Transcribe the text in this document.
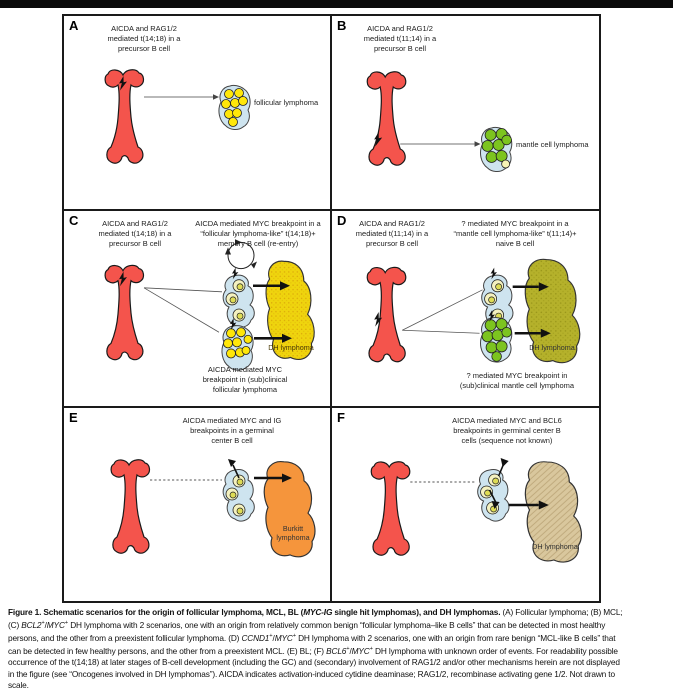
A	AICDA and RAG1/2
mediated t(14;18) in a
precursor B cell
follicular lymphoma
B	AICDA and RAG1/2
mediated t(11;14) in a
precursor B cell
mantle cell lymphoma
C	AICDA and RAG1/2
mediated t(14;18) in a
precursor B cell
AICDA mediated MYC breakpoint in a
“follicular lymphoma-like” t(14;18)+
memory B cell (re-entry)
AICDA mediated MYC
breakpoint in (sub)clinical
follicular lymphoma
DH lymphoma
D	AICDA and RAG1/2
mediated t(11;14) in a
precursor B cell
? mediated MYC breakpoint in a
“mantle cell lymphoma-like” t(11;14)+
naive B cell
? mediated MYC breakpoint in
(sub)clinical mantle cell lymphoma
DH lymphoma
E	AICDA mediated MYC and IG
breakpoints in a germinal
center B cell
Burkitt
lymphoma
F	AICDA mediated MYC and BCL6
breakpoints in germinal center B
cells (sequence not known)
DH lymphoma
Figure 1. Schematic scenarios for the origin of follicular lymphoma, MCL, BL (MYC-IG single hit lymphomas), and DH lymphomas. (A) Follicular lymphoma; (B) MCL;
(C) BCL2+/MYC+ DH lymphoma with 2 scenarios, one with an origin from relatively common benign “follicular lymphoma–like B cells” that can be detected in most healthy
persons, and the other from a preexistent follicular lymphoma. (D) CCND1+/MYC+ DH lymphoma with 2 scenarios, one with an origin from rare benign “MCL-like B cells” that
can be detected in few healthy persons, and the other from a preexistent MCL. (E) BL; (F) BCL6+/MYC+ DH lymphoma with unknown order of events. For readability possible
occurrence of the t(14;18) at later stages of B-cell development (including the GC) and (secondary) involvement of RAG1/2 and/or other mechanisms herein are not displayed
in the figure (see “Oncogenes involved in DH lymphomas”). AICDA indicates activation-induced cytidine deaminase; RAG1/2, recombinase activating gene 1/2. Not drawn to
scale.
